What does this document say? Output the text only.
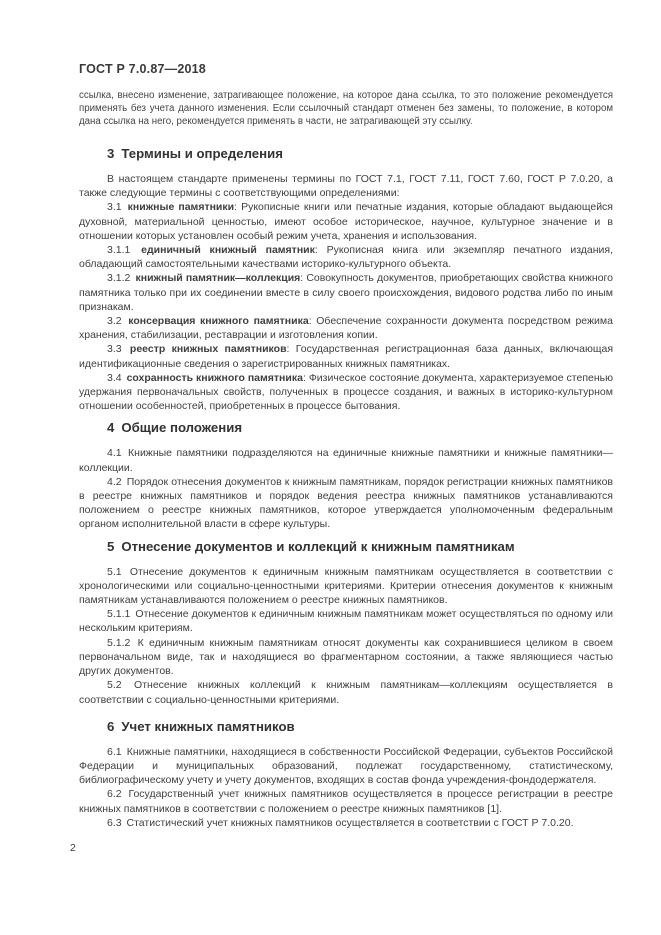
ГОСТ Р 7.0.87—2018

ссылка, внесено изменение, затрагивающее положение, на которое дана ссылка, то это положение рекомендуется применять без учета данного изменения. Если ссылочный стандарт отменен без замены, то положение, в котором дана ссылка на него, рекомендуется применять в части, не затрагивающей эту ссылку.

3 Термины и определения

В настоящем стандарте применены термины по ГОСТ 7.1, ГОСТ 7.11, ГОСТ 7.60, ГОСТ Р 7.0.20, а также следующие термины с соответствующими определениями:

3.1 книжные памятники: Рукописные книги или печатные издания, которые обладают выдающейся духовной, материальной ценностью, имеют особое историческое, научное, культурное значение и в отношении которых установлен особый режим учета, хранения и использования.

3.1.1 единичный книжный памятник: Рукописная книга или экземпляр печатного издания, обладающий самостоятельными качествами историко-культурного объекта.

3.1.2 книжный памятник—коллекция: Совокупность документов, приобретающих свойства книжного памятника только при их соединении вместе в силу своего происхождения, видового родства либо по иным признакам.

3.2 консервация книжного памятника: Обеспечение сохранности документа посредством режима хранения, стабилизации, реставрации и изготовления копии.

3.3 реестр книжных памятников: Государственная регистрационная база данных, включающая идентификационные сведения о зарегистрированных книжных памятниках.

3.4 сохранность книжного памятника: Физическое состояние документа, характеризуемое степенью удержания первоначальных свойств, полученных в процессе создания, и важных в историко-культурном отношении особенностей, приобретенных в процессе бытования.

4 Общие положения

4.1 Книжные памятники подразделяются на единичные книжные памятники и книжные памятники—коллекции.

4.2 Порядок отнесения документов к книжным памятникам, порядок регистрации книжных памятников в реестре книжных памятников и порядок ведения реестра книжных памятников устанавливаются положением о реестре книжных памятников, которое утверждается уполномоченным федеральным органом исполнительной власти в сфере культуры.

5 Отнесение документов и коллекций к книжным памятникам

5.1 Отнесение документов к единичным книжным памятникам осуществляется в соответствии с хронологическими или социально-ценностными критериями. Критерии отнесения документов к книжным памятникам устанавливаются положением о реестре книжных памятников.

5.1.1 Отнесение документов к единичным книжным памятникам может осуществляться по одному или нескольким критериям.

5.1.2 К единичным книжным памятникам относят документы как сохранившиеся целиком в своем первоначальном виде, так и находящиеся во фрагментарном состоянии, а также являющиеся частью других документов.

5.2 Отнесение книжных коллекций к книжным памятникам—коллекциям осуществляется в соответствии с социально-ценностными критериями.

6 Учет книжных памятников

6.1 Книжные памятники, находящиеся в собственности Российской Федерации, субъектов Российской Федерации и муниципальных образований, подлежат государственному, статистическому, библиографическому учету и учету документов, входящих в состав фонда учреждения-фондодержателя.

6.2 Государственный учет книжных памятников осуществляется в процессе регистрации в реестре книжных памятников в соответствии с положением о реестре книжных памятников [1].

6.3 Статистический учет книжных памятников осуществляется в соответствии с ГОСТ Р 7.0.20.

2
